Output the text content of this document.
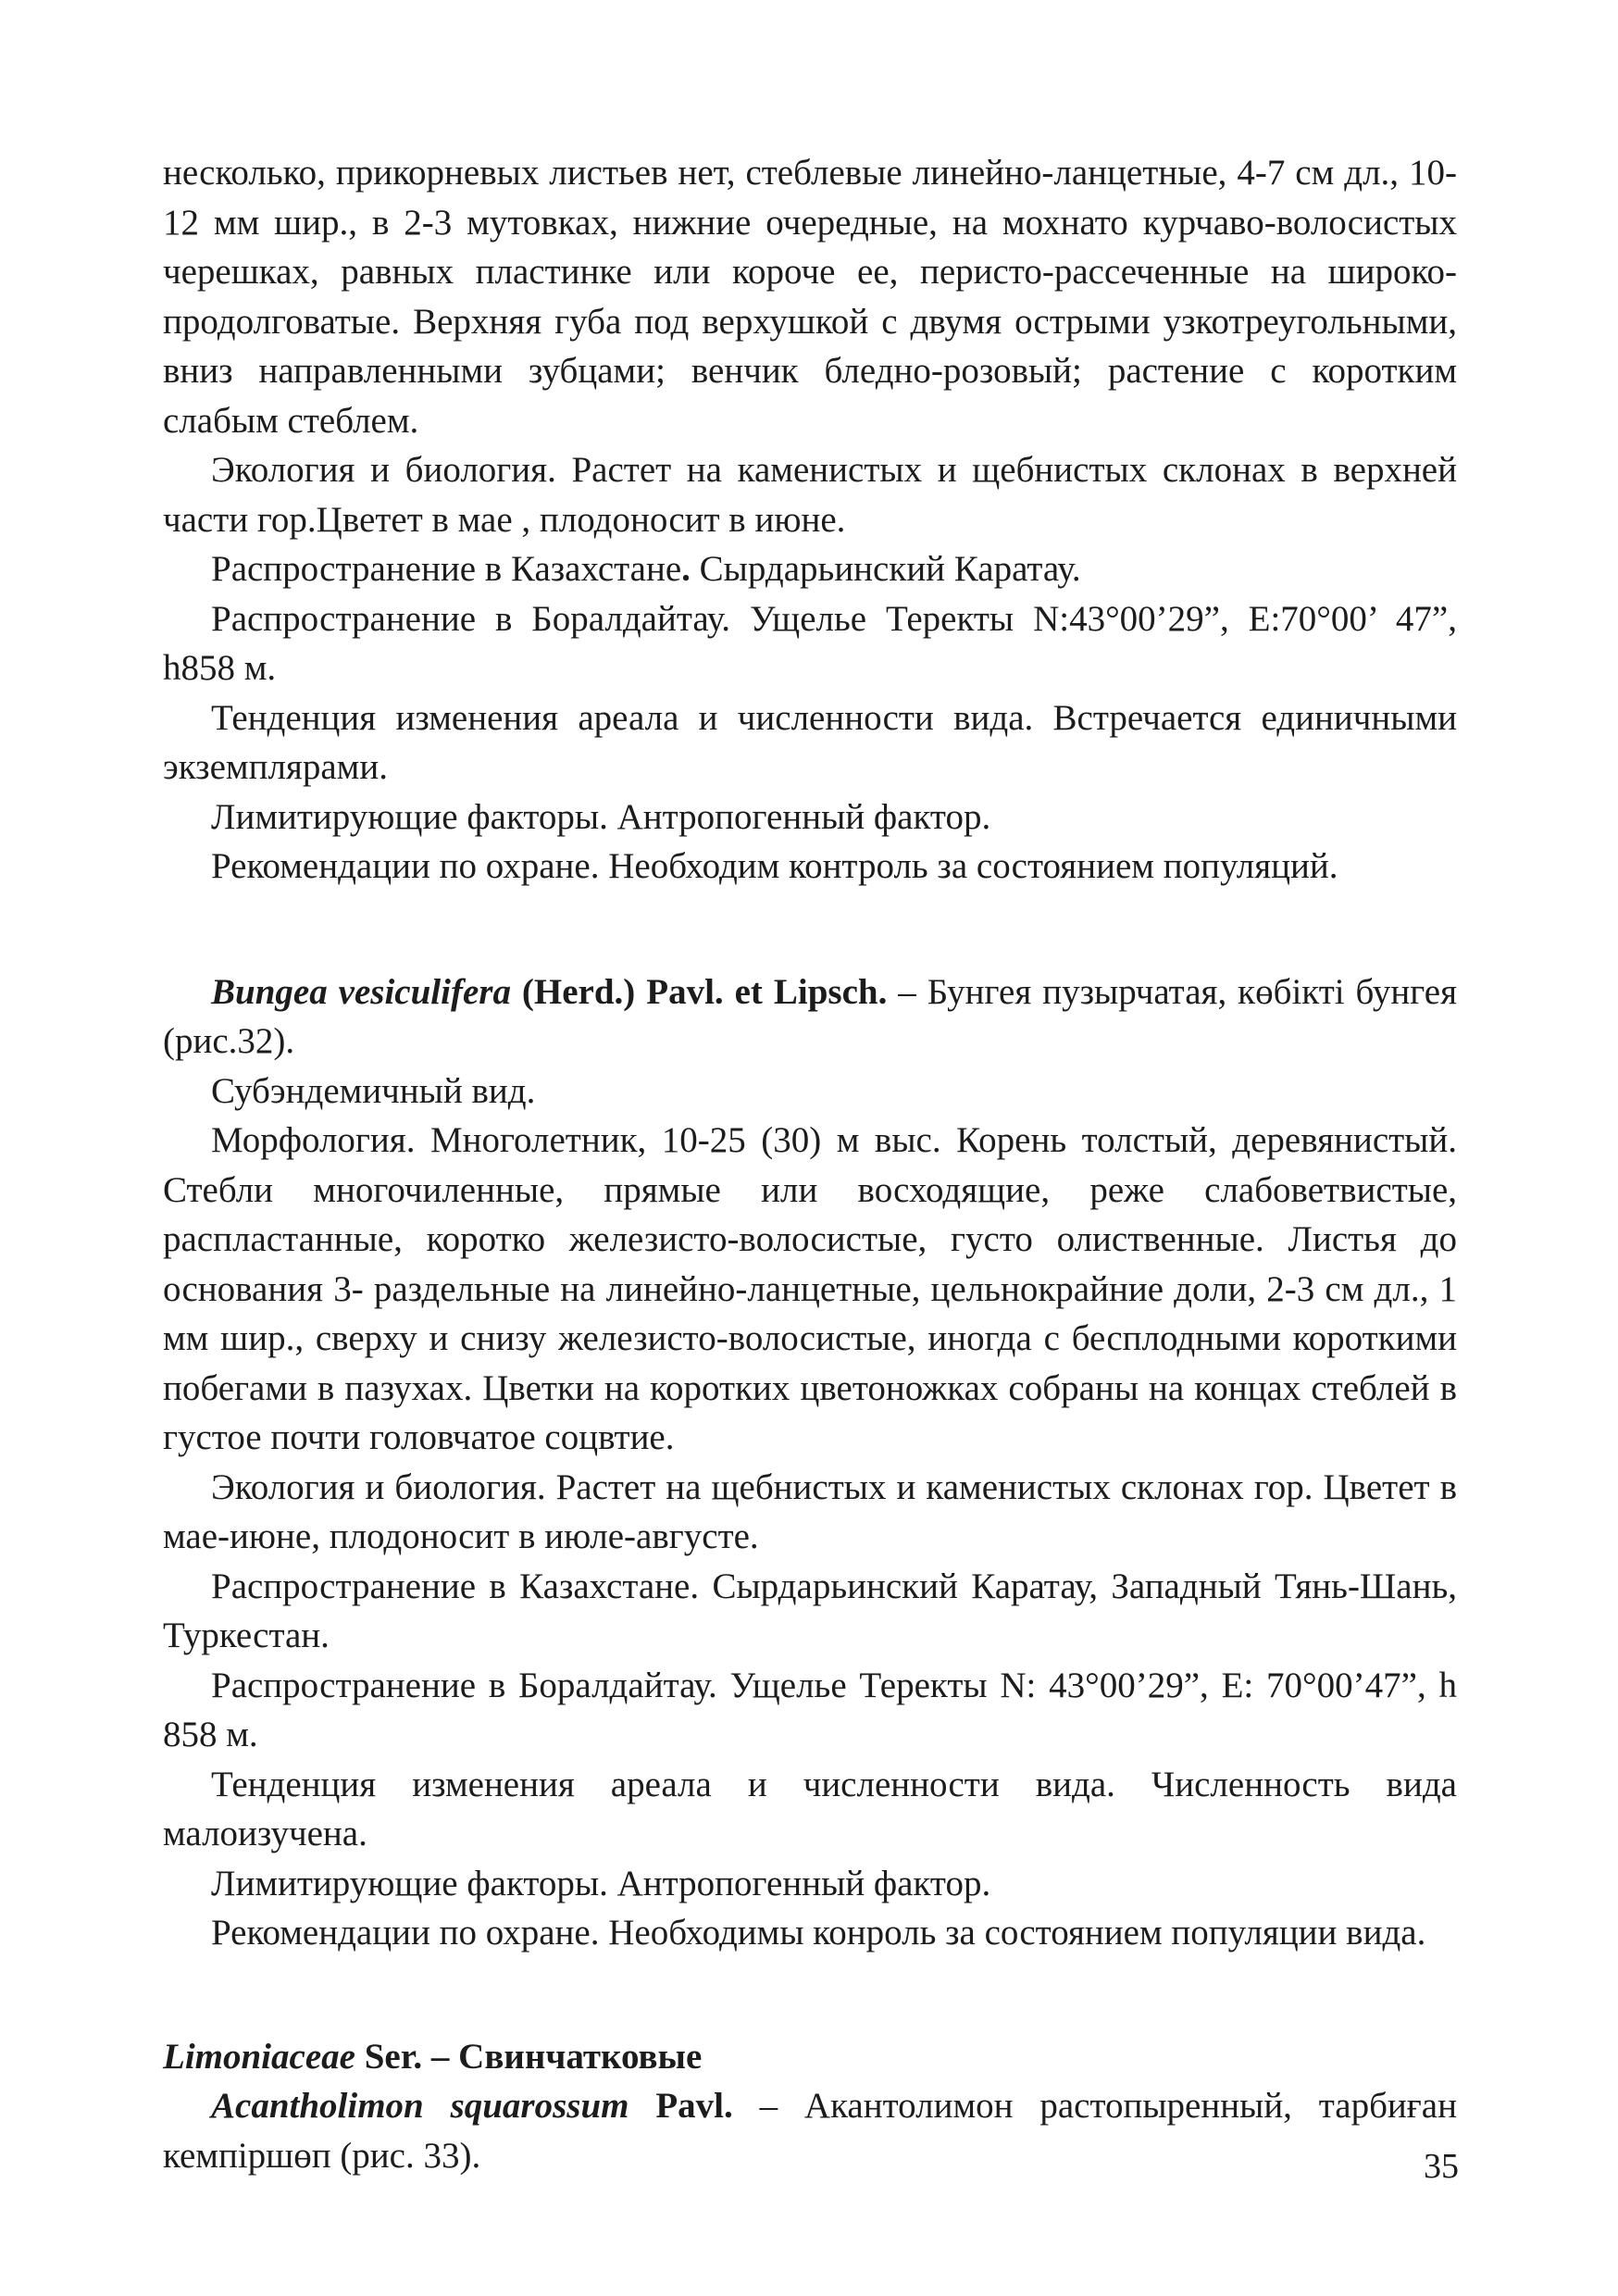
несколько, прикорневых листьев нет, стеблевые линейно-ланцетные, 4-7 см дл., 10-12 мм шир., в 2-3 мутовках, нижние очередные, на мохнато курчаво-волосистых черешках, равных пластинке или короче ее, перисто-рассеченные на широко-продолговатые. Верхняя губа под верхушкой с двумя острыми узкотреугольными, вниз направленными зубцами; венчик бледно-розовый; растение с коротким слабым стеблем.

Экология и биология. Растет на каменистых и щебнистых склонах в верхней части гор.Цветет в мае , плодоносит в июне.

Распространение в Казахстане. Сырдарьинский Каратау.

Распространение в Боралдайтау. Ущелье Теректы N:43°00’29”, E:70°00’ 47”, h858 м.

Тенденция изменения ареала и численности вида. Встречается единичными экземплярами.

Лимитирующие факторы. Антропогенный фактор.

Рекомендации по охране. Необходим контроль за состоянием популяций.

Bungea vesiculifera (Herd.) Pavl. et Lipsch. – Бунгея пузырчатая, көбікті бунгея (рис.32).

Субэндемичный вид.

Морфология. Многолетник, 10-25 (30) м выс. Корень толстый, деревянистый. Стебли многочиленные, прямые или восходящие, реже слабоветвистые, распластанные, коротко железисто-волосистые, густо олиственные. Листья до основания 3- раздельные на линейно-ланцетные, цельнокрайние доли, 2-3 см дл., 1 мм шир., сверху и снизу железисто-волосистые, иногда с бесплодными короткими побегами в пазухах. Цветки на коротких цветоножках собраны на концах стеблей в густое почти головчатое соцвтие.

Экология и биология. Растет на щебнистых и каменистых склонах гор. Цветет в мае-июне, плодоносит в июле-августе.

Распространение в Казахстане. Сырдарьинский Каратау, Западный Тянь-Шань, Туркестан.

Распространение в Боралдайтау. Ущелье Теректы N: 43°00’29”, E: 70°00’47”, h 858 м.

Тенденция изменения ареала и численности вида. Численность вида малоизучена.

Лимитирующие факторы. Антропогенный фактор.

Рекомендации по охране. Необходимы конроль за состоянием популяции вида.

Limoniaceae Ser. – Свинчатковые

Acantholimon squarossum Pavl. – Акантолимон растопыренный, тарбиған кемпіршөп (рис. 33).	35
